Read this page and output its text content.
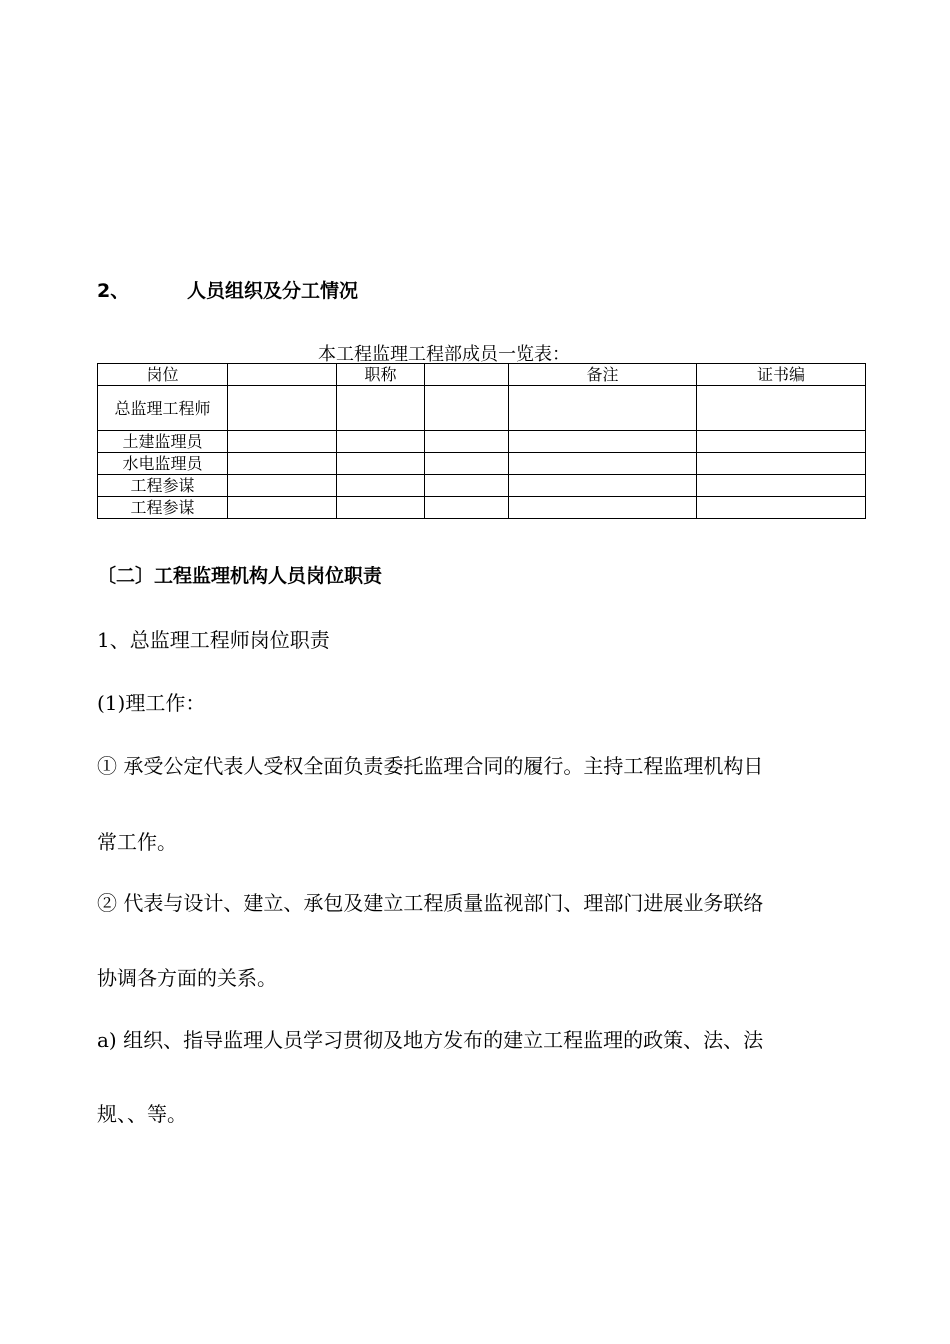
2、	人员组织及分工情况
本工程监理工程部成员一览表：
岗位		职称		备注	证书编
总监理工程师					
土建监理员					
水电监理员					
工程参谋					
工程参谋					
〔二〕工程监理机构人员岗位职责
1、总监理工程师岗位职责
(1)理工作：
① 承受公定代表人受权全面负责委托监理合同的履行。主持工程监理机构日
常工作。
② 代表与设计、建立、承包及建立工程质量监视部门、理部门进展业务联络
协调各方面的关系。
a) 组织、指导监理人员学习贯彻及地方发布的建立工程监理的政策、法、法
规、、等。
